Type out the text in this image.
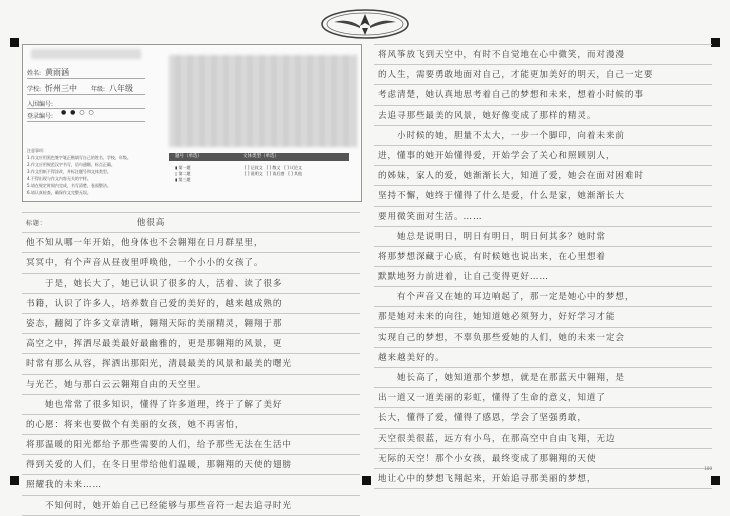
姓名: 黄雨涵
学校: 忻州三中 年级: 八年级
入围编号:
登录编号:
● ● ○ ○
注意事项：
1.作文应用黑色签字笔正楷填写自己的姓名、学校、年级。
2.作文应用规范汉字书写，语句通顺，标点正确。
3.作文用纸不得涂改，并标注题号和文体类型。
4.不得出现与作文内容无关的字样。
5.请在规定时间内完成，书写清楚，卷面整洁。
6.请认真检查，确保作文完整无误。
题号（单选）
▮ 第一题
▯ 第二题
▮ 第三题
文体类型（单选）
[ ] 记叙文　[ ] 散文　[ ] 议论文
[ ] 说明文　[ ] 读后感　[ ] 其他
标题：	他很高
他不知从哪一年开始，他身体也不会翱翔在日月群星里，
冥冥中，有个声音从昼夜里呼唤他，一个小小的女孩了。
　　于是，她长大了，她已认识了很多的人，活着、读了很多
书籍，认识了许多人，培养数自己爱的美好的，越来越成熟的
姿态，翻阅了许多文章清晰，翱翔天际的美丽精灵，翱翔于那
高空之中，挥洒尽最美最好最幽雅的，更是那翱翔的风景，更
时常有那么从容，挥洒出那阳光，清晨最美的风景和最美的曙光
与光芒，她与那白云云翱翔自由的天空里。
　　她也常常了很多知识，懂得了许多道理，终于了解了美好
的心愿：将来也要做个有美丽的女孩，她不再害怕，
将那温暖的阳光都给予那些需要的人们，给予那些无法在生活中
得到关爱的人们，在冬日里带给他们温暖，那翱翔的天使的翅膀
照耀我的未来……
　　不知何时，她开始自己已经能够与那些音符一起去追寻时光
将风筝放飞到天空中，有时不自觉地在心中微笑，而对漫漫
的人生，需要勇敢地面对自己，才能更加美好的明天，自己一定要
考虑清楚，她认真地思考着自己的梦想和未来，想着小时候的事
去追寻那些最美的风景，她好像变成了那样的精灵。
　　小时候的她，胆量不太大，一步一个脚印，向着未来前
进，懂事的她开始懂得爱，开始学会了关心和照顾别人，
的姊妹，家人的爱，她渐渐长大，知道了爱，她会在面对困难时
坚持不懈，她终于懂得了什么是爱，什么是家，她渐渐长大
要用微笑面对生活。……
　　她总是说明日，明日有明日，明日何其多？她时常
将那梦想深藏于心底，有时候她也说出来，在心里想着
默默地努力前进着，让自己变得更好……
　　有个声音又在她的耳边响起了，那一定是她心中的梦想，
那是她对未来的向往，她知道她必须努力，好好学习才能
实现自己的梦想，不辜负那些爱她的人们，她的未来一定会
越来越美好的。
　　她长高了，她知道那个梦想，就是在那蓝天中翱翔，是
出一道又一道美丽的彩虹，懂得了生命的意义，知道了
长大，懂得了爱，懂得了感恩，学会了坚强勇敢，
天空很美很蓝，远方有小鸟，在那高空中自由飞翔，无边
无际的天空！那个小女孩，最终变成了那翱翔的天使
地让心中的梦想飞翔起来，开始追寻那美丽的梦想，
100
